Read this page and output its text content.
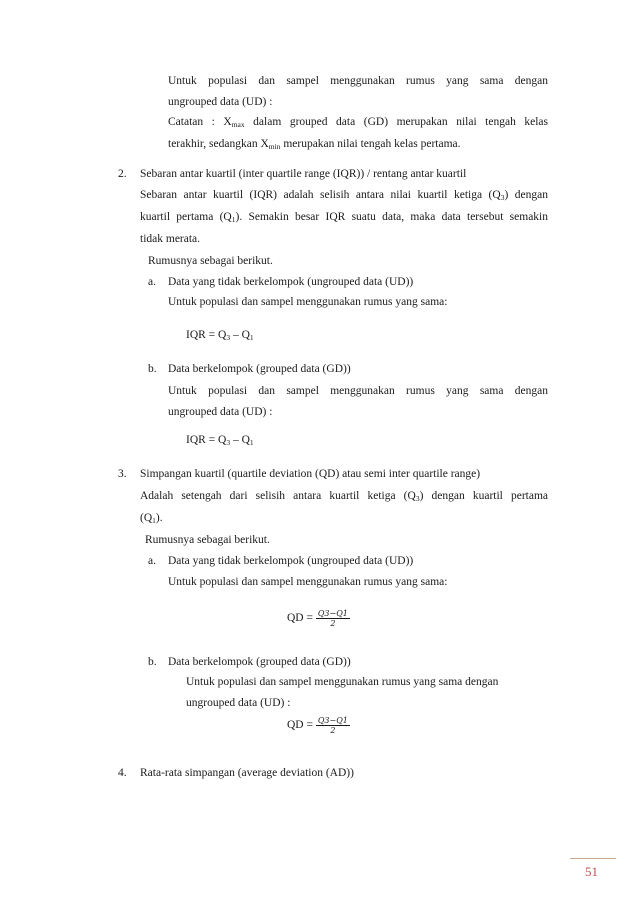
Untuk populasi dan sampel menggunakan rumus yang sama dengan
ungrouped data (UD) :
Catatan : $X_{max}$ dalam grouped data (GD) merupakan nilai tengah kelas
terakhir, sedangkan $X_{min}$ merupakan nilai tengah kelas pertama.
2.	Sebaran antar kuartil (inter quartile range (IQR)) / rentang antar kuartil
Sebaran antar kuartil (IQR) adalah selisih antara nilai kuartil ketiga $(Q_3)$ dengan
kuartil pertama $(Q_1)$. Semakin besar IQR suatu data, maka data tersebut semakin
tidak merata.
Rumusnya sebagai berikut.
a. Data yang tidak berkelompok (ungrouped data (UD))
Untuk populasi dan sampel menggunakan rumus yang sama:
IQR = $Q_3 - Q_1$
b. Data berkelompok (grouped data (GD))
Untuk populasi dan sampel menggunakan rumus yang sama dengan
ungrouped data (UD) :
IQR = $Q_3 - Q_1$
3.	Simpangan kuartil (quartile deviation (QD) atau semi inter quartile range)
Adalah setengah dari selisih antara kuartil ketiga $(Q_3)$ dengan kuartil pertama
$(Q_1)$.
Rumusnya sebagai berikut.
a. Data yang tidak berkelompok (ungrouped data (UD))
Untuk populasi dan sampel menggunakan rumus yang sama:
QD = $\frac{Q3-Q1}{2}$
b. Data berkelompok (grouped data (GD))
Untuk populasi dan sampel menggunakan rumus yang sama dengan
ungrouped data (UD) :
QD = $\frac{Q3-Q1}{2}$
4.	Rata-rata simpangan (average deviation (AD))
51
